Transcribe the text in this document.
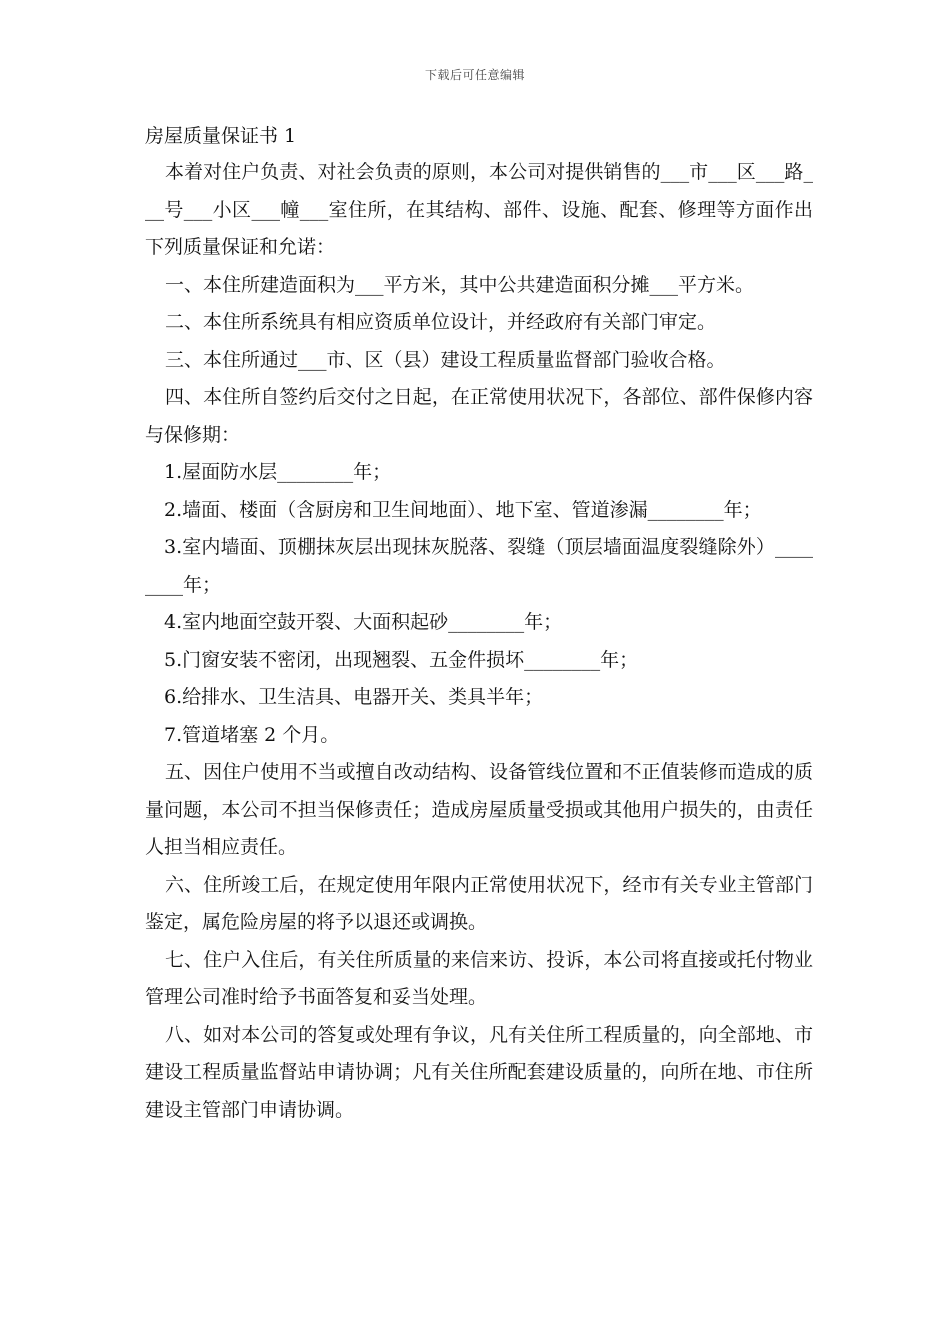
下载后可任意编辑

房屋质量保证书 1

本着对住户负责、对社会负责的原则，本公司对提供销售的___市___区___路___号___小区___幢___室住所，在其结构、部件、设施、配套、修理等方面作出下列质量保证和允诺：

一、本住所建造面积为___平方米，其中公共建造面积分摊___平方米。

二、本住所系统具有相应资质单位设计，并经政府有关部门审定。

三、本住所通过___市、区（县）建设工程质量监督部门验收合格。

四、本住所自签约后交付之日起，在正常使用状况下，各部位、部件保修内容与保修期：

1.屋面防水层________年；

2.墙面、楼面（含厨房和卫生间地面）、地下室、管道渗漏________年；

3.室内墙面、顶棚抹灰层出现抹灰脱落、裂缝（顶层墙面温度裂缝除外）________年；

4.室内地面空鼓开裂、大面积起砂________年；

5.门窗安装不密闭，出现翘裂、五金件损坏________年；

6.给排水、卫生洁具、电器开关、类具半年；

7.管道堵塞 2 个月。

五、因住户使用不当或擅自改动结构、设备管线位置和不正值装修而造成的质量问题，本公司不担当保修责任；造成房屋质量受损或其他用户损失的，由责任人担当相应责任。

六、住所竣工后，在规定使用年限内正常使用状况下，经市有关专业主管部门鉴定，属危险房屋的将予以退还或调换。

七、住户入住后，有关住所质量的来信来访、投诉，本公司将直接或托付物业管理公司准时给予书面答复和妥当处理。

八、如对本公司的答复或处理有争议，凡有关住所工程质量的，向全部地、市建设工程质量监督站申请协调；凡有关住所配套建设质量的，向所在地、市住所建设主管部门申请协调。
